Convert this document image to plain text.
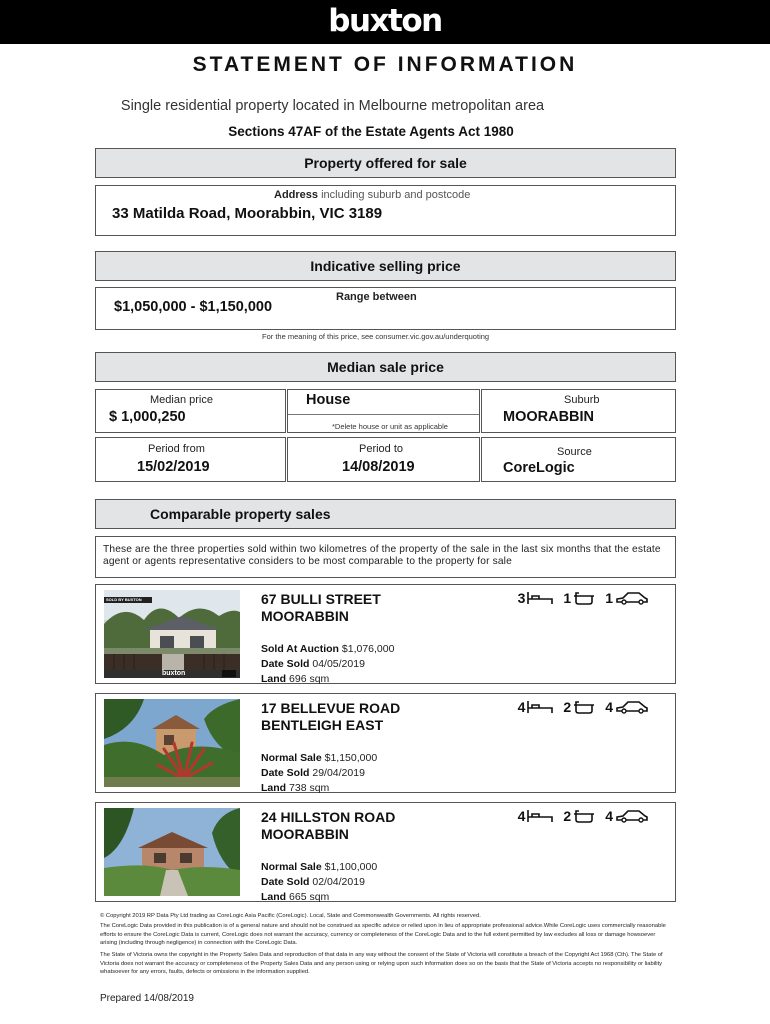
buxton
STATEMENT OF INFORMATION
Single residential property located in Melbourne metropolitan area
Sections 47AF of the Estate Agents Act 1980
Property offered for sale
Address including suburb and postcode
33 Matilda Road, Moorabbin, VIC 3189
Indicative selling price
Range between
$1,050,000 - $1,150,000
For the meaning of this price, see consumer.vic.gov.au/underquoting
Median sale price
Median price
$ 1,000,250
House
*Delete house or unit as applicable
Suburb
MOORABBIN
Period from
15/02/2019
Period to
14/08/2019
Source
CoreLogic
Comparable property sales
These are the three properties sold within two kilometres of the property of the sale in the last six months that the estate agent or agents representative considers to be most comparable to the property for sale
SOLD BY BUXTON
buxton
67 BULLI STREET
MOORABBIN
3	1 1
Sold At Auction $1,076,000
Date Sold 04/05/2019
Land 696 sqm
17 BELLEVUE ROAD
BENTLEIGH EAST
4	2 4
Normal Sale $1,150,000
Date Sold 29/04/2019
Land 738 sqm
24 HILLSTON ROAD
MOORABBIN
4	2 4
Normal Sale $1,100,000
Date Sold 02/04/2019
Land 665 sqm
© Copyright 2019 RP Data Pty Ltd trading as CoreLogic Asia Pacific (CoreLogic). Local, State and Commonwealth Governments. All rights reserved.
The CoreLogic Data provided in this publication is of a general nature and should not be construed as specific advice or relied upon in lieu of appropriate professional advice.While CoreLogic uses commercially reasonable efforts to ensure the CoreLogic Data is current, CoreLogic does not warrant the accuracy, currency or completeness of the CoreLogic Data and to the full extent permitted by law excludes all loss or damage howsoever arising (including through negligence) in connection with the CoreLogic Data.
The State of Victoria owns the copyright in the Property Sales Data and reproduction of that data in any way without the consent of the State of Victoria will constitute a breach of the Copyright Act 1968 (Cth). The State of Victoria does not warrant the accuracy or completeness of the Property Sales Data and any person using or relying upon such information does so on the basis that the State of Victoria accepts no responsibility or liability whatsoever for any errors, faults, defects or omissions in the information supplied.
Prepared 14/08/2019
